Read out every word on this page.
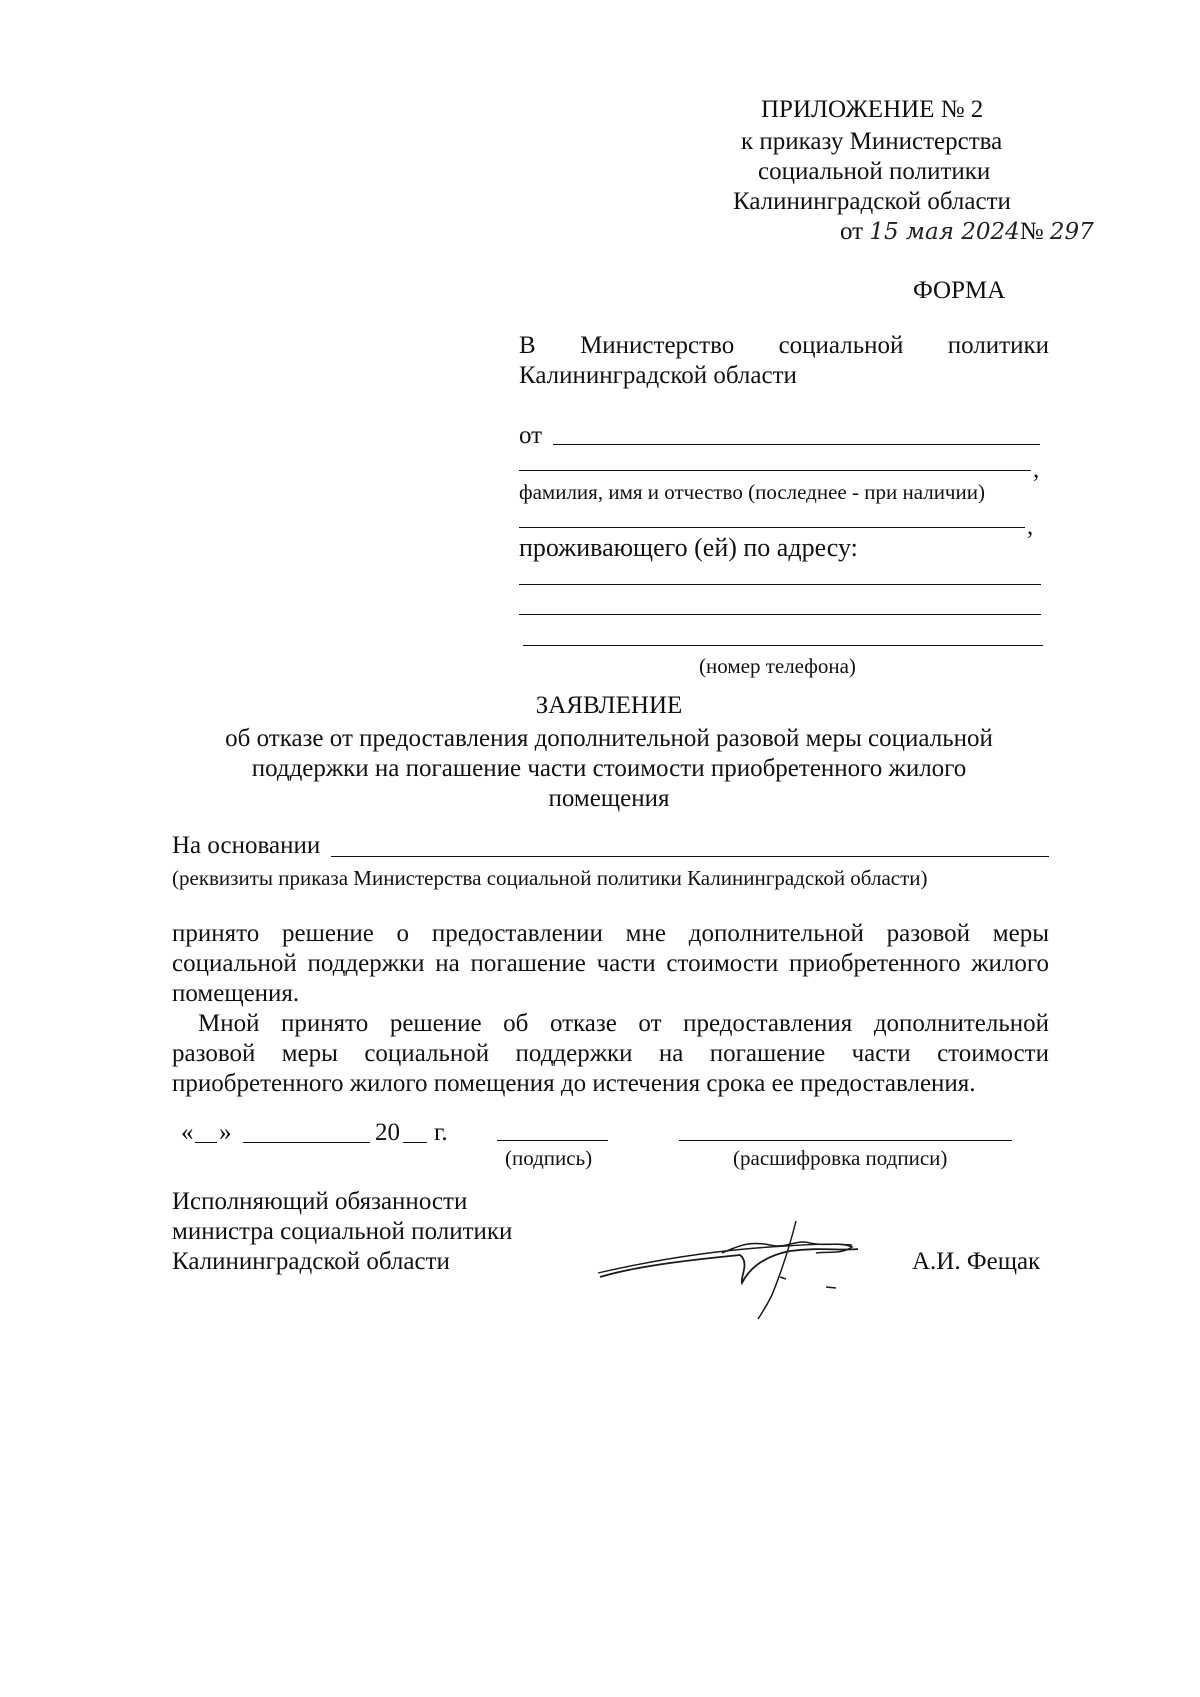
ПРИЛОЖЕНИЕ № 2
к приказу Министерства
социальной политики
Калининградской области
от 15 мая 2024№ 297
ФОРМА
В Министерство социальной политики
Калининградской области
от
,
фамилия, имя и отчество (последнее - при наличии)
,
проживающего (ей) по адресу:
(номер телефона)
ЗАЯВЛЕНИЕ
об отказе от предоставления дополнительной разовой меры социальной
поддержки на погашение части стоимости приобретенного жилого
помещения
На основании
(реквизиты приказа Министерства социальной политики Калининградской области)
принято решение о предоставлении мне дополнительной разовой меры
социальной поддержки на погашение части стоимости приобретенного жилого
помещения.
Мной принято решение об отказе от предоставления дополнительной
разовой меры социальной поддержки на погашение части стоимости
приобретенного жилого помещения до истечения срока ее предоставления.
« »	20 г.
(подпись)	(расшифровка подписи)
Исполняющий обязанности
министра социальной политики
Калининградской области	А.И. Фещак
